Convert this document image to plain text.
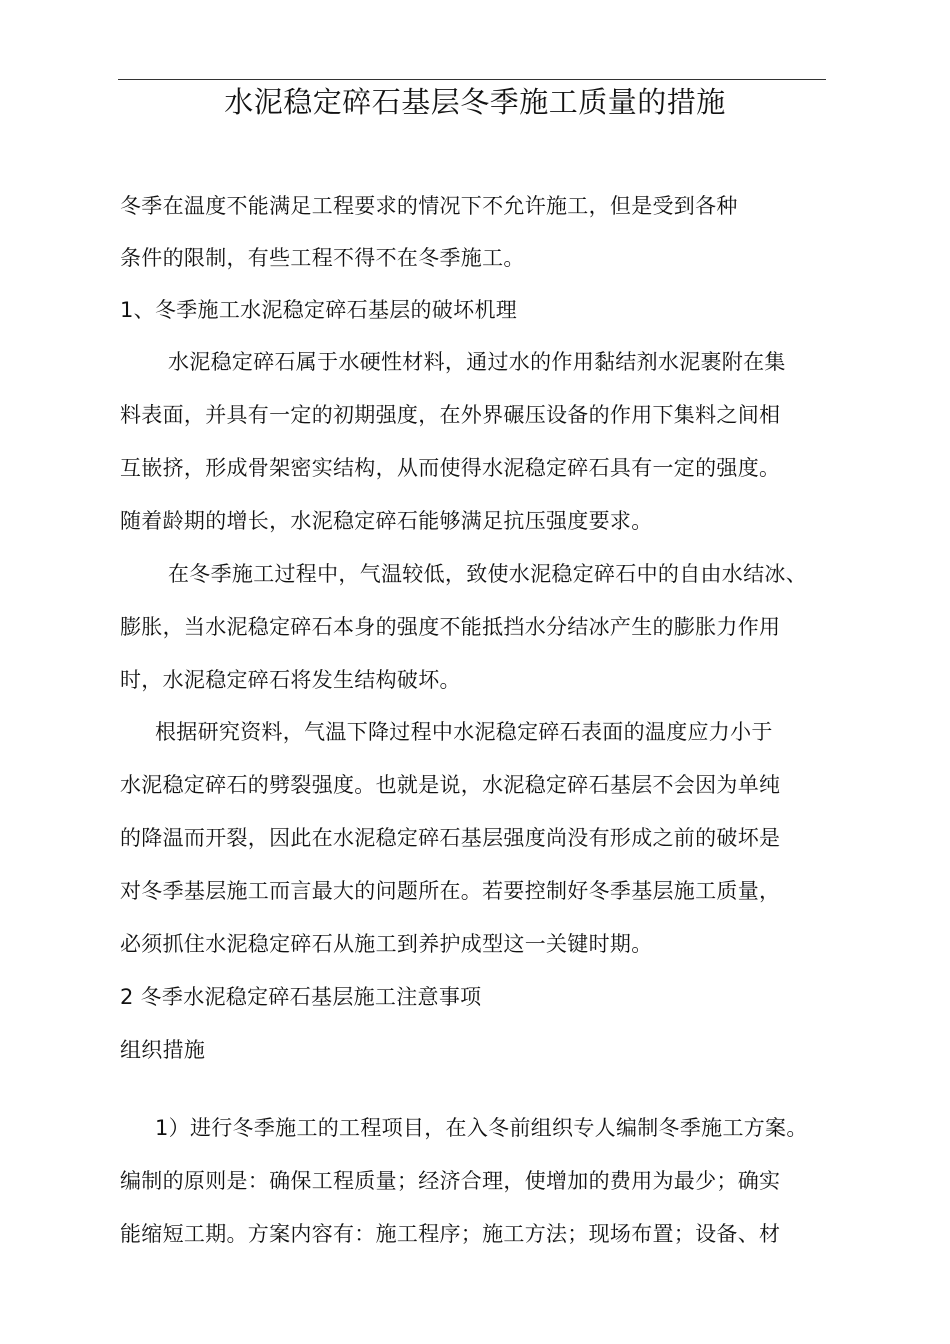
水泥稳定碎石基层冬季施工质量的措施
冬季在温度不能满足工程要求的情况下不允许施工，但是受到各种
条件的限制，有些工程不得不在冬季施工。
1、冬季施工水泥稳定碎石基层的破坏机理
水泥稳定碎石属于水硬性材料，通过水的作用黏结剂水泥裹附在集
料表面，并具有一定的初期强度，在外界碾压设备的作用下集料之间相
互嵌挤，形成骨架密实结构，从而使得水泥稳定碎石具有一定的强度。
随着龄期的增长，水泥稳定碎石能够满足抗压强度要求。
在冬季施工过程中，气温较低，致使水泥稳定碎石中的自由水结冰、
膨胀，当水泥稳定碎石本身的强度不能抵挡水分结冰产生的膨胀力作用
时，水泥稳定碎石将发生结构破坏。
根据研究资料，气温下降过程中水泥稳定碎石表面的温度应力小于
水泥稳定碎石的劈裂强度。也就是说，水泥稳定碎石基层不会因为单纯
的降温而开裂，因此在水泥稳定碎石基层强度尚没有形成之前的破坏是
对冬季基层施工而言最大的问题所在。若要控制好冬季基层施工质量，
必须抓住水泥稳定碎石从施工到养护成型这一关键时期。
2 冬季水泥稳定碎石基层施工注意事项
组织措施
1）进行冬季施工的工程项目，在入冬前组织专人编制冬季施工方案。
编制的原则是：确保工程质量；经济合理，使增加的费用为最少；确实
能缩短工期。方案内容有：施工程序；施工方法；现场布置；设备、材
